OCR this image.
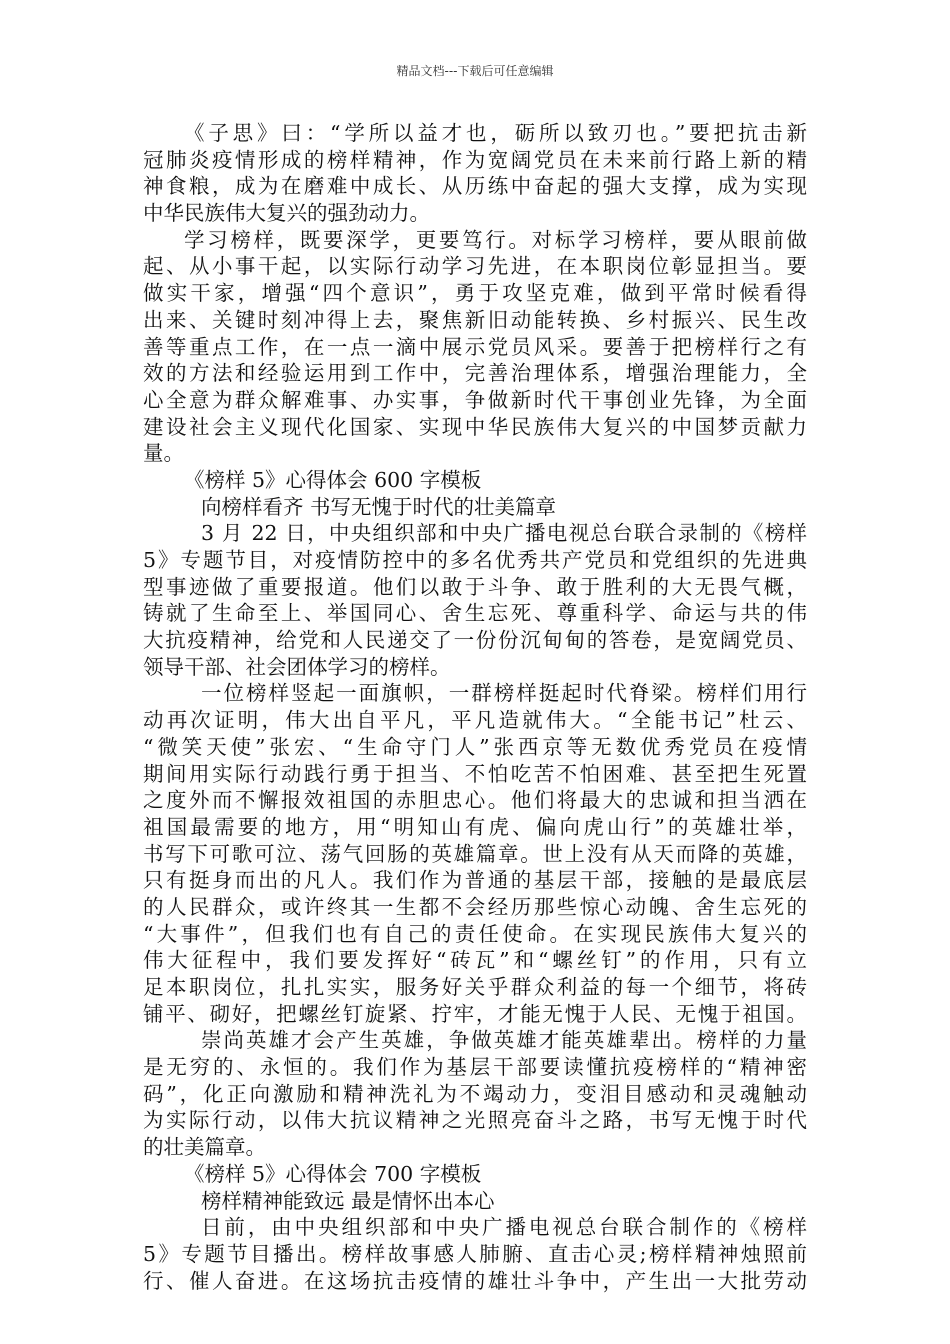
精品文档---下载后可任意编辑
《子思》曰：“学所以益才也，砺所以致刃也。”要把抗击新
冠肺炎疫情形成的榜样精神，作为宽阔党员在未来前行路上新的精
神食粮，成为在磨难中成长、从历练中奋起的强大支撑，成为实现
中华民族伟大复兴的强劲动力。
学习榜样，既要深学，更要笃行。对标学习榜样，要从眼前做
起、从小事干起，以实际行动学习先进，在本职岗位彰显担当。要
做实干家，增强“四个意识”，勇于攻坚克难，做到平常时候看得
出来、关键时刻冲得上去，聚焦新旧动能转换、乡村振兴、民生改
善等重点工作，在一点一滴中展示党员风采。要善于把榜样行之有
效的方法和经验运用到工作中，完善治理体系，增强治理能力，全
心全意为群众解难事、办实事，争做新时代干事创业先锋，为全面
建设社会主义现代化国家、实现中华民族伟大复兴的中国梦贡献力
量。
《榜样 5》心得体会 600 字模板
向榜样看齐 书写无愧于时代的壮美篇章
3 月 22 日，中央组织部和中央广播电视总台联合录制的《榜样
5》专题节目，对疫情防控中的多名优秀共产党员和党组织的先进典
型事迹做了重要报道。他们以敢于斗争、敢于胜利的大无畏气概，
铸就了生命至上、举国同心、舍生忘死、尊重科学、命运与共的伟
大抗疫精神，给党和人民递交了一份份沉甸甸的答卷，是宽阔党员、
领导干部、社会团体学习的榜样。
一位榜样竖起一面旗帜，一群榜样挺起时代脊梁。榜样们用行
动再次证明，伟大出自平凡，平凡造就伟大。“全能书记”杜云、
“微笑天使”张宏、“生命守门人”张西京等无数优秀党员在疫情
期间用实际行动践行勇于担当、不怕吃苦不怕困难、甚至把生死置
之度外而不懈报效祖国的赤胆忠心。他们将最大的忠诚和担当洒在
祖国最需要的地方，用“明知山有虎、偏向虎山行”的英雄壮举，
书写下可歌可泣、荡气回肠的英雄篇章。世上没有从天而降的英雄，
只有挺身而出的凡人。我们作为普通的基层干部，接触的是最底层
的人民群众，或许终其一生都不会经历那些惊心动魄、舍生忘死的
“大事件”，但我们也有自己的责任使命。在实现民族伟大复兴的
伟大征程中，我们要发挥好“砖瓦”和“螺丝钉”的作用，只有立
足本职岗位，扎扎实实，服务好关乎群众利益的每一个细节，将砖
铺平、砌好，把螺丝钉旋紧、拧牢，才能无愧于人民、无愧于祖国。
崇尚英雄才会产生英雄，争做英雄才能英雄辈出。榜样的力量
是无穷的、永恒的。我们作为基层干部要读懂抗疫榜样的“精神密
码”，化正向激励和精神洗礼为不竭动力，变泪目感动和灵魂触动
为实际行动，以伟大抗议精神之光照亮奋斗之路，书写无愧于时代
的壮美篇章。
《榜样 5》心得体会 700 字模板
榜样精神能致远 最是情怀出本心
日前，由中央组织部和中央广播电视总台联合制作的《榜样
5》专题节目播出。榜样故事感人肺腑、直击心灵;榜样精神烛照前
行、催人奋进。在这场抗击疫情的雄壮斗争中，产生出一大批劳动
